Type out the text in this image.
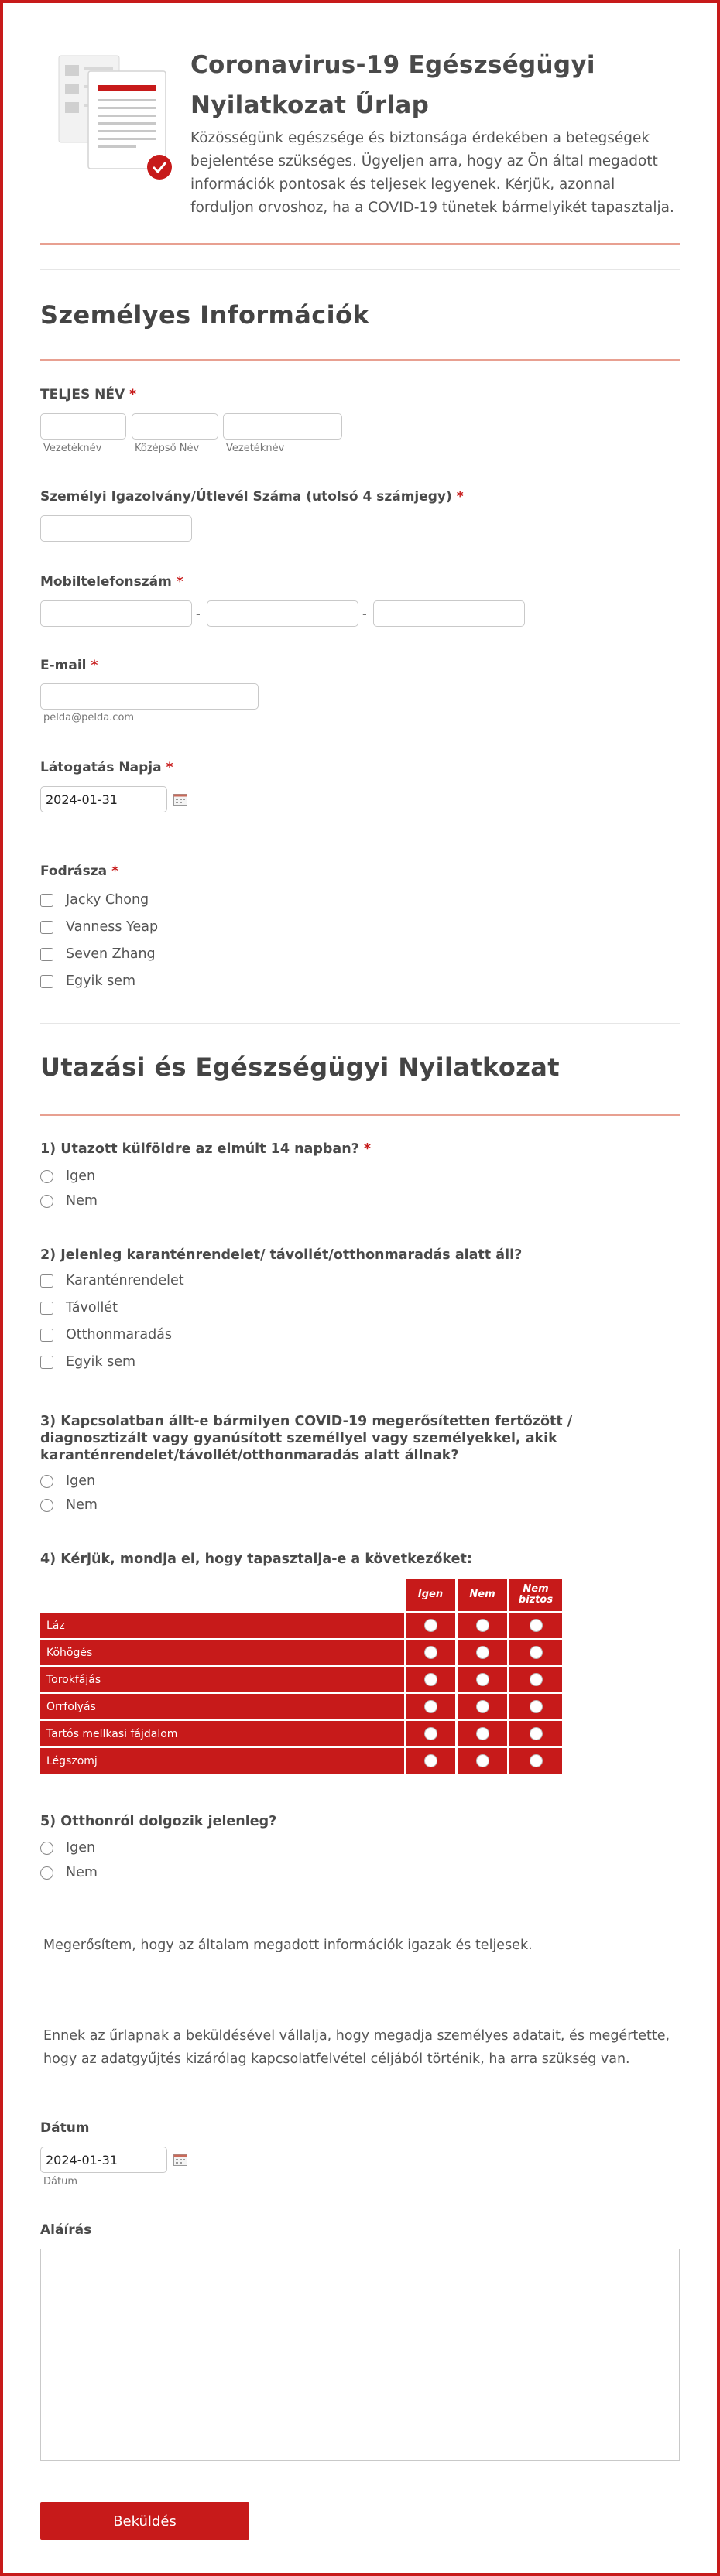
Coronavirus-19 Egészségügyi Nyilatkozat Űrlap
Közösségünk egészsége és biztonsága érdekében a betegségek bejelentése szükséges. Ügyeljen arra, hogy az Ön által megadott információk pontosak és teljesek legyenek. Kérjük, azonnal forduljon orvoshoz, ha a COVID-19 tünetek bármelyikét tapasztalja.
Személyes Információk
TELJES NÉV *
Vezetéknév	Középső Név	Vezetéknév
Személyi Igazolvány/Útlevél Száma (utolsó 4 számjegy) *
Mobiltelefonszám *
-	-
E-mail *
pelda@pelda.com
Látogatás Napja *
2024-01-31
Fodrásza *
Jacky Chong
Vanness Yeap
Seven Zhang
Egyik sem
Utazási és Egészségügyi Nyilatkozat
1) Utazott külföldre az elmúlt 14 napban? *
Igen
Nem
2) Jelenleg karanténrendelet/ távollét/otthonmaradás alatt áll?
Karanténrendelet
Távollét
Otthonmaradás
Egyik sem
3) Kapcsolatban állt-e bármilyen COVID-19 megerősítetten fertőzött / diagnosztizált vagy gyanúsított személlyel vagy személyekkel, akik karanténrendelet/távollét/otthonmaradás alatt állnak?
Igen
Nem
4) Kérjük, mondja el, hogy tapasztalja-e a következőket:
Igen	Nem	Nem biztos
Láz
Köhögés
Torokfájás
Orrfolyás
Tartós mellkasi fájdalom
Légszomj
5) Otthonról dolgozik jelenleg?
Igen
Nem
Megerősítem, hogy az általam megadott információk igazak és teljesek.
Ennek az űrlapnak a beküldésével vállalja, hogy megadja személyes adatait, és megértette, hogy az adatgyűjtés kizárólag kapcsolatfelvétel céljából történik, ha arra szükség van.
Dátum
2024-01-31
Dátum
Aláírás
Beküldés
